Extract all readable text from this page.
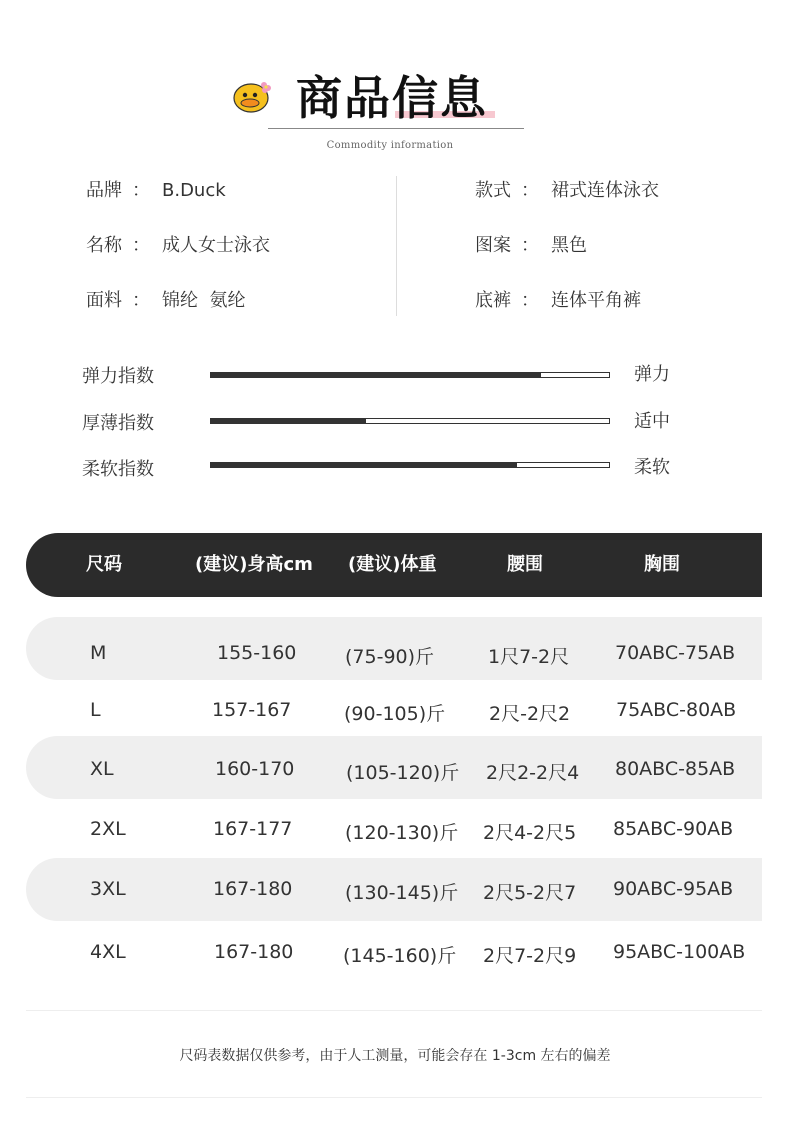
商品信息
Commodity information
品牌 ： B.Duck
名称 ： 成人女士泳衣
面料 ： 锦纶  氨纶
款式 ： 裙式连体泳衣
图案 ： 黑色
底裤 ： 连体平角裤
弹力指数	弹力
厚薄指数	适中
柔软指数	柔软
尺码	(建议)身高cm (建议)体重	腰围	胸围
M	155-160	(75-90)斤	1尺7-2尺 70ABC-75AB
L	157-167	(90-105)斤 2尺-2尺2 75ABC-80AB
XL	160-170	(105-120)斤 2尺2-2尺4 80ABC-85AB
2XL	167-177	(120-130)斤 2尺4-2尺5 85ABC-90AB
3XL	167-180	(130-145)斤 2尺5-2尺7 90ABC-95AB
4XL	167-180	(145-160)斤 2尺7-2尺9 95ABC-100AB
尺码表数据仅供参考，由于人工测量，可能会存在 1-3cm 左右的偏差
